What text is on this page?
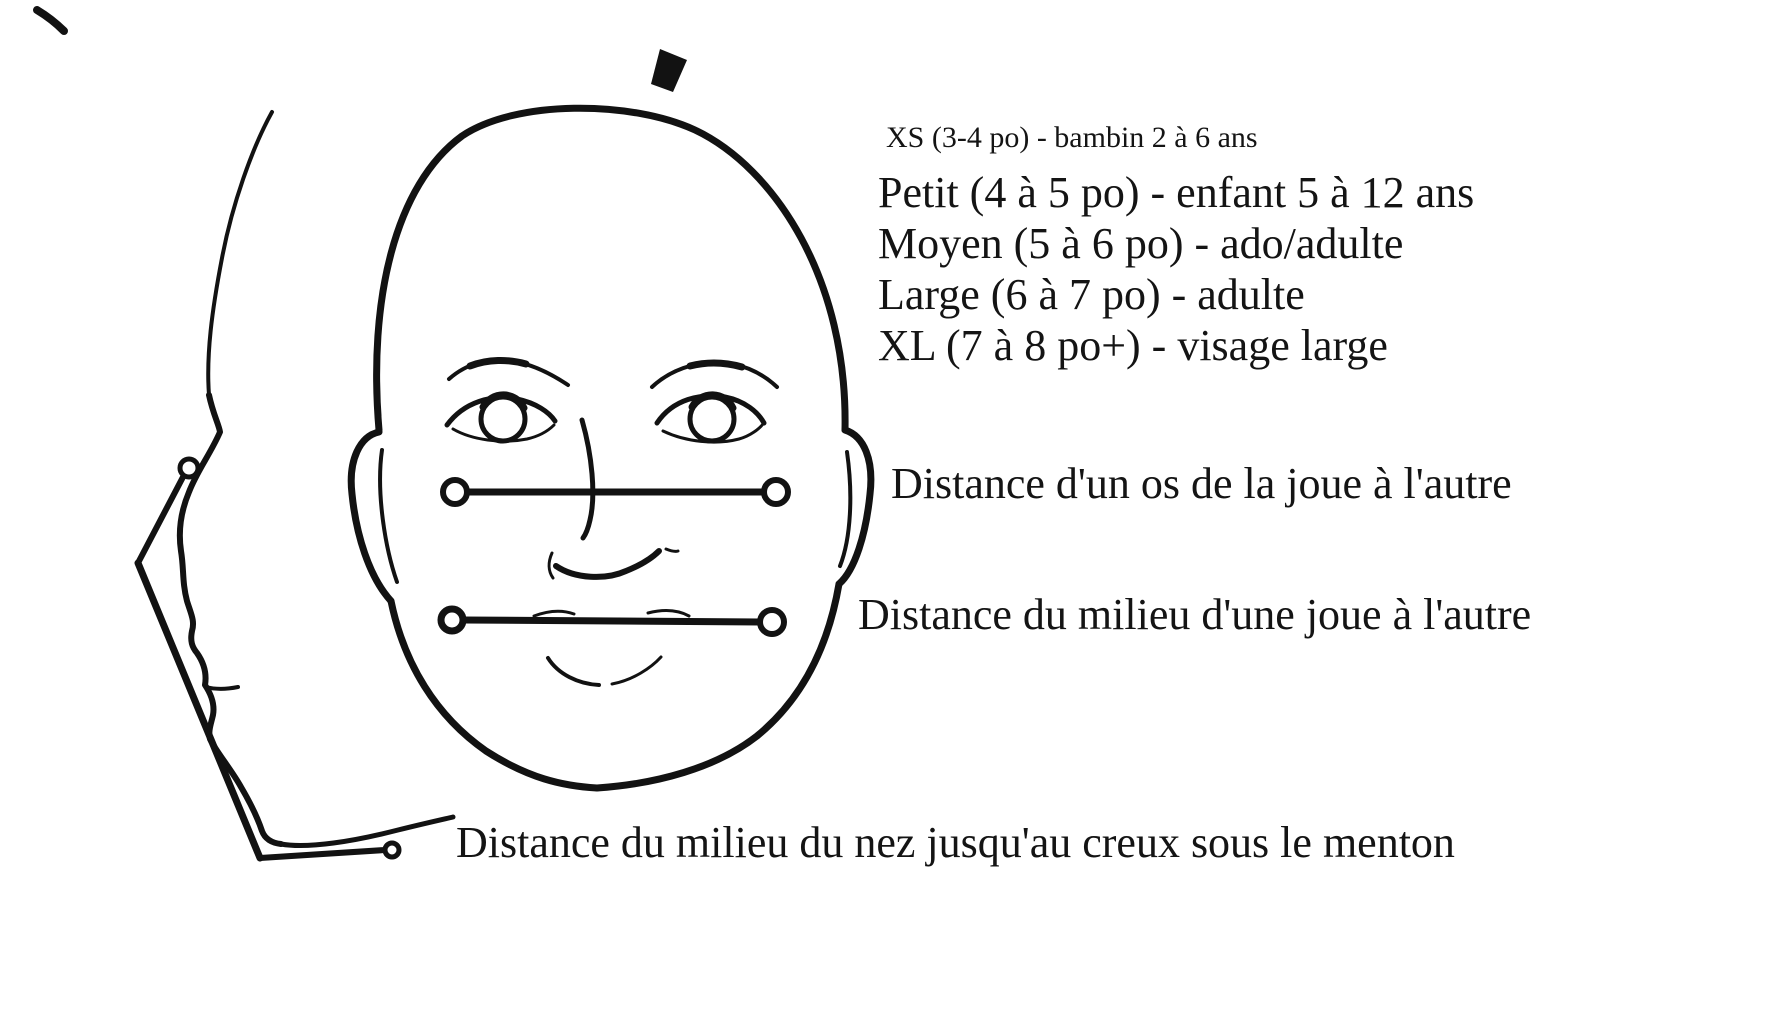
XS (3-4 po) - bambin 2 à 6 ans
Petit (4 à 5 po) - enfant 5 à 12 ans
Moyen (5 à 6 po) - ado/adulte
Large (6 à 7 po) - adulte
XL (7 à 8 po+) - visage large
Distance d'un os de la joue à l'autre
Distance du milieu d'une joue à l'autre
Distance du milieu du nez jusqu'au creux sous le menton
